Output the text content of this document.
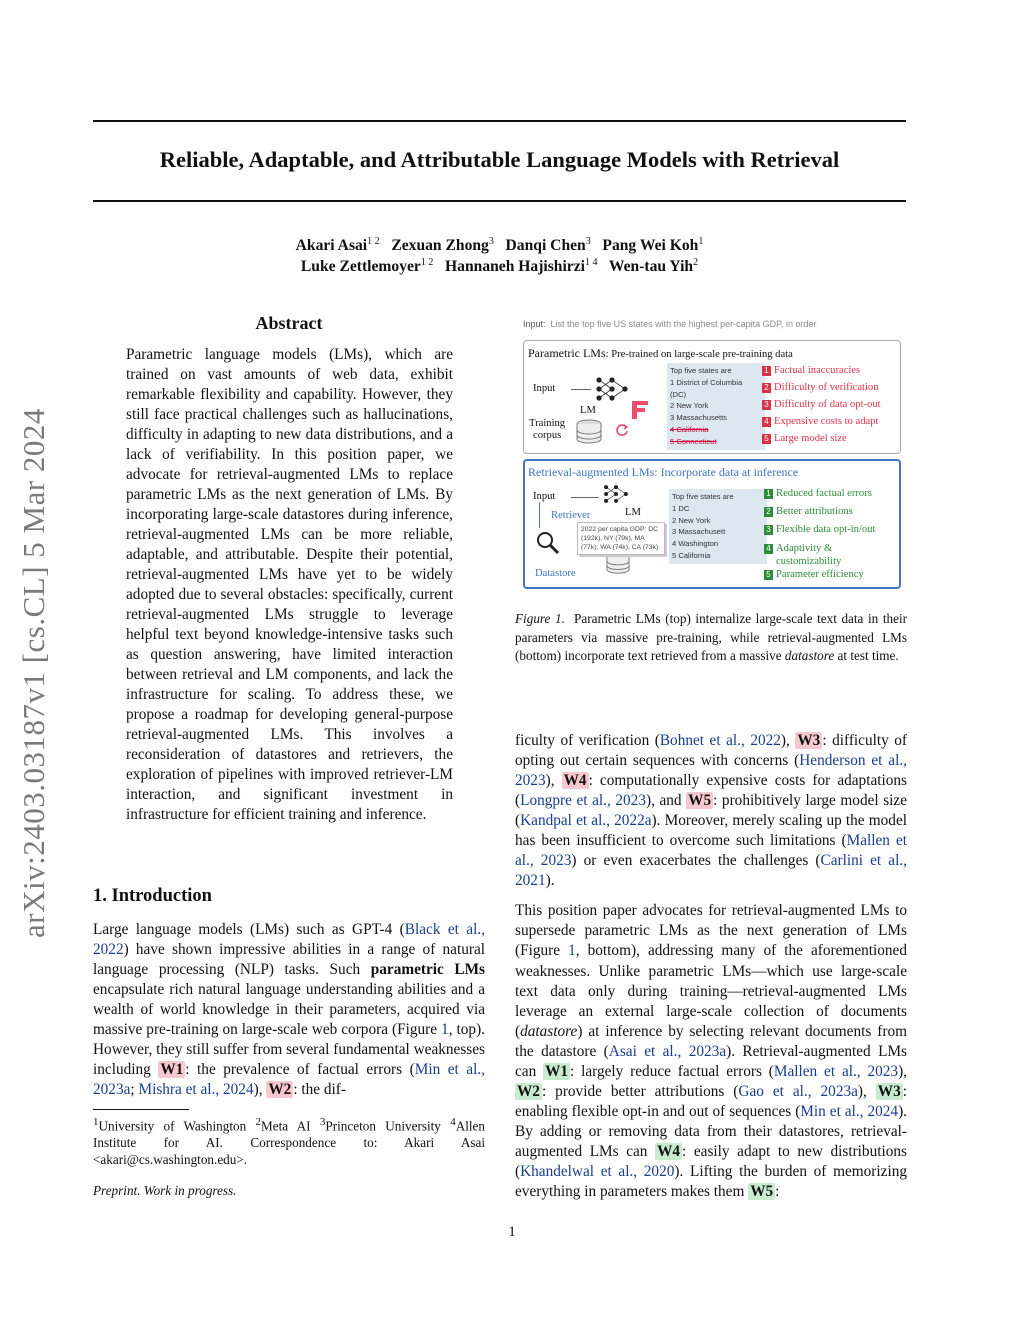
arXiv:2403.03187v1 [cs.CL] 5 Mar 2024
Reliable, Adaptable, and Attributable Language Models with Retrieval
Akari Asai$^{1 2}$ Zexuan Zhong$^3$ Danqi Chen$^3$ Pang Wei Koh$^1$
Luke Zettlemoyer$^{1 2}$ Hannaneh Hajishirzi$^{1 4}$ Wen-tau Yih$^2$
Abstract

Parametric language models (LMs), which are trained on vast amounts of web data, exhibit remarkable flexibility and capability. However, they still face practical challenges such as hallucinations, difficulty in adapting to new data distributions, and a lack of verifiability. In this position paper, we advocate for retrieval-augmented LMs to replace parametric LMs as the next generation of LMs. By incorporating large-scale datastores during inference, retrieval-augmented LMs can be more reliable, adaptable, and attributable. Despite their potential, retrieval-augmented LMs have yet to be widely adopted due to several obstacles: specifically, current retrieval-augmented LMs struggle to leverage helpful text beyond knowledge-intensive tasks such as question answering, have limited interaction between retrieval and LM components, and lack the infrastructure for scaling. To address these, we propose a roadmap for developing general-purpose retrieval-augmented LMs. This involves a reconsideration of datastores and retrievers, the exploration of pipelines with improved retriever-LM interaction, and significant investment in infrastructure for efficient training and inference.

1. Introduction

Large language models (LMs) such as GPT-4 (Black et al., 2022) have shown impressive abilities in a range of natural language processing (NLP) tasks. Such parametric LMs encapsulate rich natural language understanding abilities and a wealth of world knowledge in their parameters, acquired via massive pre-training on large-scale web corpora (Figure 1, top). However, they still suffer from several fundamental weaknesses including W1 : the prevalence of factual errors (Min et al., 2023a; Mishra et al., 2024), W2 : the dif-

$^1$University of Washington $^2$Meta AI $^3$Princeton University $^4$Allen Institute for AI. Correspondence to: Akari Asai <akari@cs.washington.edu>.
Preprint. Work in progress.
Input: List the top five US states with the highest per-capita GDP, in order
Parametric LMs: Pre-trained on large-scale pre-training data
Input
LM
Training
corpus
Top five states are
1 District of Columbia
(DC)
2 New York
3 Massachusetts
4 California
5 Connecticut
1 Factual inaccuracies
2 Difficulty of verification
3 Difficulty of data opt-out
4 Expensive costs to adapt
5 Large model size
Retrieval-augmented LMs: Incorporate data at inference
Input
LM
Retriever
Datastore
2022 per capita GDP: DC (192k), NY (79k), MA (77k), WA (74k), CA (73k)
Top five states are
1 DC
2 New York
3 Massachusett
4 Washington
5 California
1 Reduced factual errors
2 Better attributions
3 Flexible data opt-in/out
4 Adaptivity &
customizability
5 Parameter efficiency

Figure 1. Parametric LMs (top) internalize large-scale text data in their parameters via massive pre-training, while retrieval-augmented LMs (bottom) incorporate text retrieved from a massive datastore at test time.

ficulty of verification (Bohnet et al., 2022), W3 : difficulty of opting out certain sequences with concerns (Henderson et al., 2023), W4 : computationally expensive costs for adaptations (Longpre et al., 2023), and W5 : prohibitively large model size (Kandpal et al., 2022a). Moreover, merely scaling up the model has been insufficient to overcome such limitations (Mallen et al., 2023) or even exacerbates the challenges (Carlini et al., 2021).

This position paper advocates for retrieval-augmented LMs to supersede parametric LMs as the next generation of LMs (Figure 1, bottom), addressing many of the aforementioned weaknesses. Unlike parametric LMs—which use large-scale text data only during training—retrieval-augmented LMs leverage an external large-scale collection of documents (datastore) at inference by selecting relevant documents from the datastore (Asai et al., 2023a). Retrieval-augmented LMs can W1 : largely reduce factual errors (Mallen et al., 2023), W2 : provide better attributions (Gao et al., 2023a), W3 : enabling flexible opt-in and out of sequences (Min et al., 2024). By adding or removing data from their datastores, retrieval-augmented LMs can W4 : easily adapt to new distributions (Khandelwal et al., 2020). Lifting the burden of memorizing everything in parameters makes them W5 :

1
